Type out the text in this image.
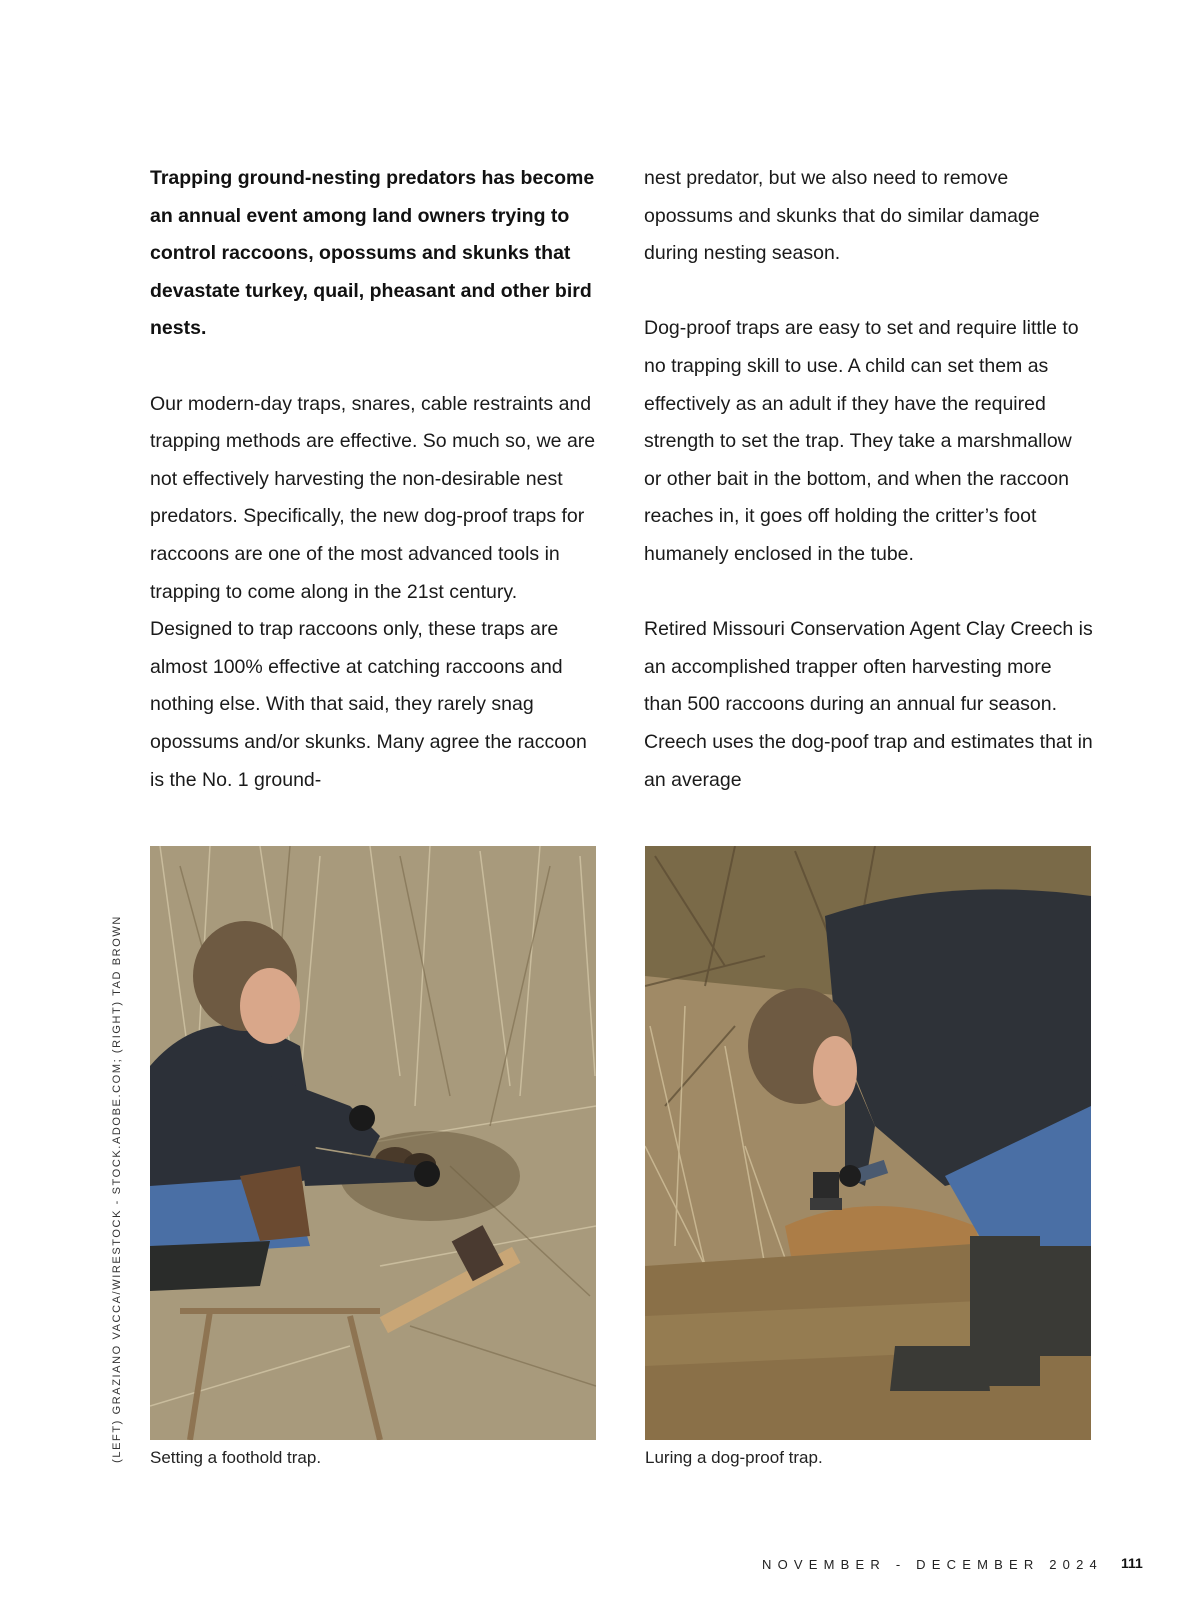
Trapping ground-nesting predators has become an annual event among land owners trying to control raccoons, opossums and skunks that devastate turkey, quail, pheasant and other bird nests.

Our modern-day traps, snares, cable restraints and trapping methods are effective. So much so, we are not effectively harvesting the non-desirable nest predators. Specifically, the new dog-proof traps for raccoons are one of the most advanced tools in trapping to come along in the 21st century. Designed to trap raccoons only, these traps are almost 100% effective at catching raccoons and nothing else. With that said, they rarely snag opossums and/or skunks. Many agree the raccoon is the No. 1 ground-

nest predator, but we also need to remove opossums and skunks that do similar damage during nesting season.

Dog-proof traps are easy to set and require little to no trapping skill to use. A child can set them as effectively as an adult if they have the required strength to set the trap. They take a marshmallow or other bait in the bottom, and when the raccoon reaches in, it goes off holding the critter’s foot humanely enclosed in the tube.

Retired Missouri Conservation Agent Clay Creech is an accomplished trapper often harvesting more than 500 raccoons during an annual fur season. Creech uses the dog-poof trap and estimates that in an average

Setting a foothold trap.	Luring a dog-proof trap.
(LEFT) GRAZIANO VACCA/WIRESTOCK - STOCK.ADOBE.COM; (RIGHT) TAD BROWN
NOVEMBER - DECEMBER 2024 111
